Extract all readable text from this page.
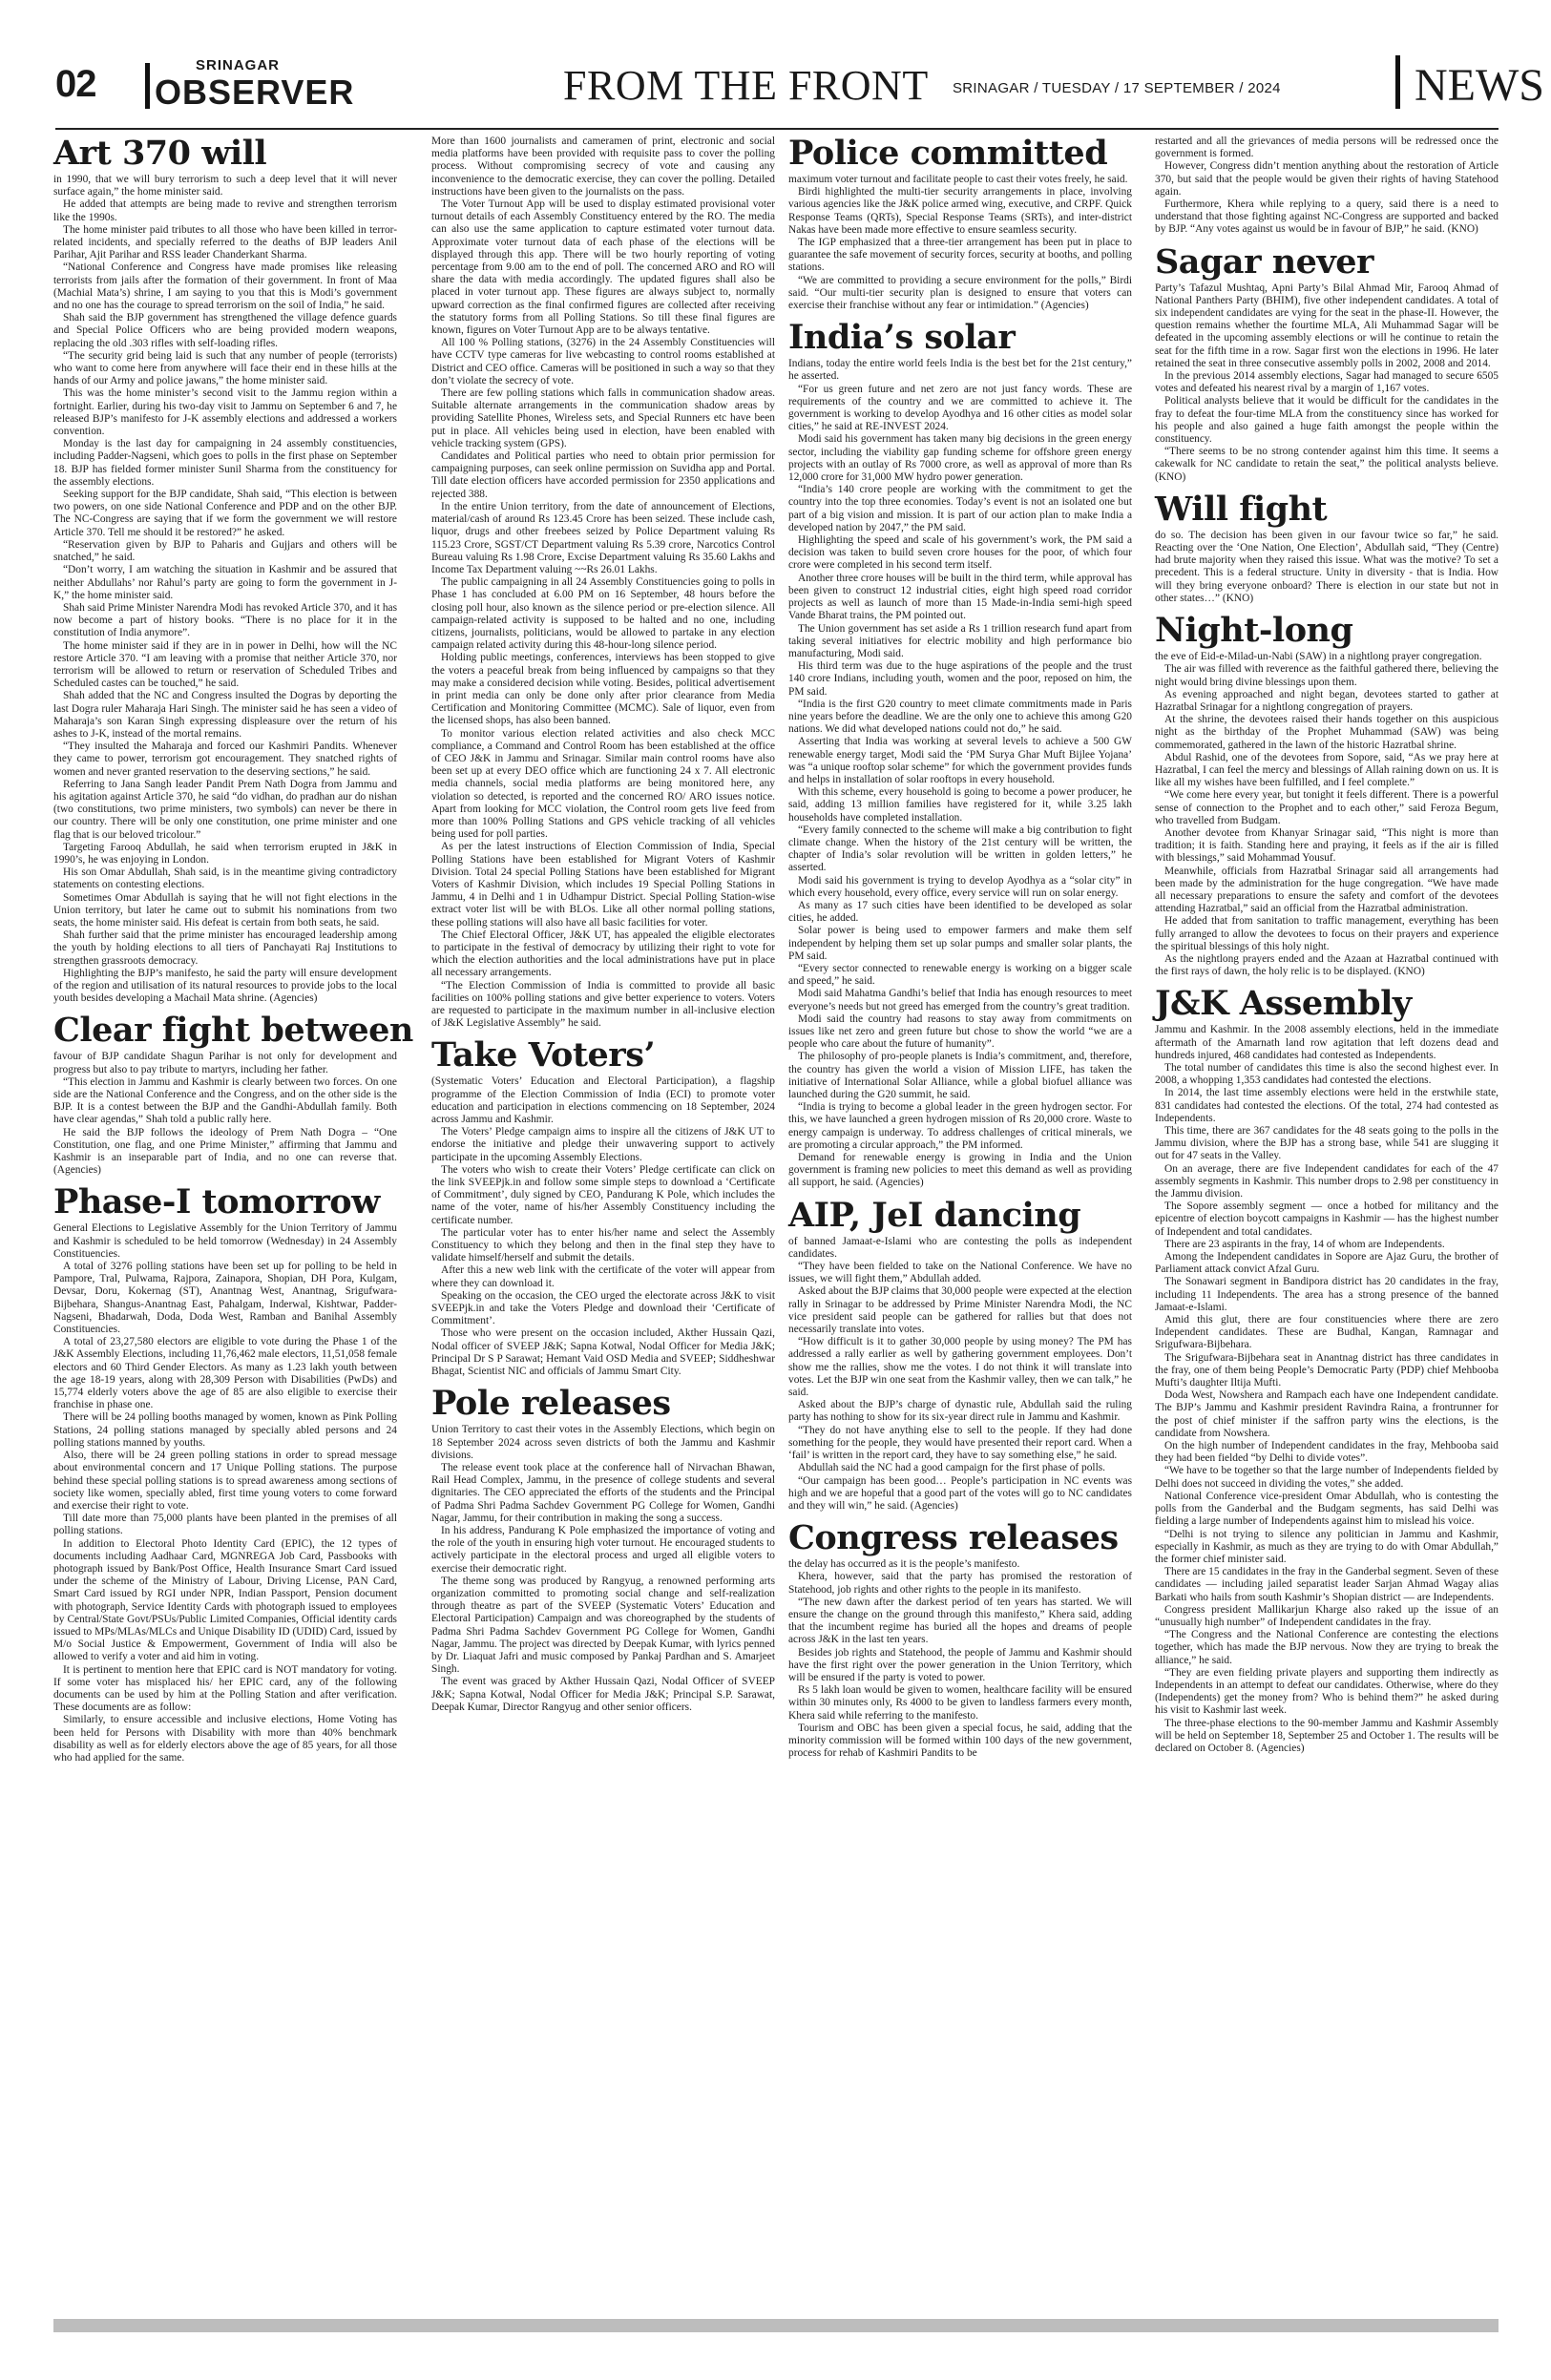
02	SRINAGAR
OBSERVER	FROM THE FRONT SRINAGAR / TUESDAY / 17 SEPTEMBER / 2024	NEWS
Art 370 will

in 1990, that we will bury terrorism to such a deep level that it will never surface again,” the home minister said.

He added that attempts are being made to revive and strengthen terrorism like the 1990s.

The home minister paid tributes to all those who have been killed in terror-related incidents, and specially referred to the deaths of BJP leaders Anil Parihar, Ajit Parihar and RSS leader Chanderkant Sharma.

“National Conference and Congress have made promises like releasing terrorists from jails after the formation of their government. In front of Maa (Machial Mata’s) shrine, I am saying to you that this is Modi’s government and no one has the courage to spread terrorism on the soil of India,” he said.

Shah said the BJP government has strengthened the village defence guards and Special Police Officers who are being provided modern weapons, replacing the old .303 rifles with self-loading rifles.

“The security grid being laid is such that any number of people (terrorists) who want to come here from anywhere will face their end in these hills at the hands of our Army and police jawans,” the home minister said.

This was the home minister’s second visit to the Jammu region within a fortnight. Earlier, during his two-day visit to Jammu on September 6 and 7, he released BJP’s manifesto for J-K assembly elections and addressed a workers convention.

Monday is the last day for campaigning in 24 assembly constituencies, including Padder-Nagseni, which goes to polls in the first phase on September 18. BJP has fielded former minister Sunil Sharma from the constituency for the assembly elections.

Seeking support for the BJP candidate, Shah said, “This election is between two powers, on one side National Conference and PDP and on the other BJP. The NC-Congress are saying that if we form the government we will restore Article 370. Tell me should it be restored?” he asked.

“Reservation given by BJP to Paharis and Gujjars and others will be snatched,” he said.

“Don’t worry, I am watching the situation in Kashmir and be assured that neither Abdullahs’ nor Rahul’s party are going to form the government in J-K,” the home minister said.

Shah said Prime Minister Narendra Modi has revoked Article 370, and it has now become a part of history books. “There is no place for it in the constitution of India anymore”.

The home minister said if they are in in power in Delhi, how will the NC restore Article 370. “I am leaving with a promise that neither Article 370, nor terrorism will be allowed to return or reservation of Scheduled Tribes and Scheduled castes can be touched,” he said.

Shah added that the NC and Congress insulted the Dogras by deporting the last Dogra ruler Maharaja Hari Singh. The minister said he has seen a video of Maharaja’s son Karan Singh expressing displeasure over the return of his ashes to J-K, instead of the mortal remains.

“They insulted the Maharaja and forced our Kashmiri Pandits. Whenever they came to power, terrorism got encouragement. They snatched rights of women and never granted reservation to the deserving sections,” he said.

Referring to Jana Sangh leader Pandit Prem Nath Dogra from Jammu and his agitation against Article 370, he said “do vidhan, do pradhan aur do nishan (two constitutions, two prime ministers, two symbols) can never be there in our country. There will be only one constitution, one prime minister and one flag that is our beloved tricolour.”

Targeting Farooq Abdullah, he said when terrorism erupted in J&K in 1990’s, he was enjoying in London.

His son Omar Abdullah, Shah said, is in the meantime giving contradictory statements on contesting elections.

Sometimes Omar Abdullah is saying that he will not fight elections in the Union territory, but later he came out to submit his nominations from two seats, the home minister said. His defeat is certain from both seats, he said.

Shah further said that the prime minister has encouraged leadership among the youth by holding elections to all tiers of Panchayati Raj Institutions to strengthen grassroots democracy.

Highlighting the BJP’s manifesto, he said the party will ensure development of the region and utilisation of its natural resources to provide jobs to the local youth besides developing a Machail Mata shrine. (Agencies)

Clear fight between

favour of BJP candidate Shagun Parihar is not only for development and progress but also to pay tribute to martyrs, including her father.

“This election in Jammu and Kashmir is clearly between two forces. On one side are the National Conference and the Congress, and on the other side is the BJP. It is a contest between the BJP and the Gandhi-Abdullah family. Both have clear agendas,” Shah told a public rally here.

He said the BJP follows the ideology of Prem Nath Dogra – “One Constitution, one flag, and one Prime Minister,” affirming that Jammu and Kashmir is an inseparable part of India, and no one can reverse that. (Agencies)

Phase-I tomorrow

General Elections to Legislative Assembly for the Union Territory of Jammu and Kashmir is scheduled to be held tomorrow (Wednesday) in 24 Assembly Constituencies.

A total of 3276 polling stations have been set up for polling to be held in Pampore, Tral, Pulwama, Rajpora, Zainapora, Shopian, DH Pora, Kulgam, Devsar, Doru, Kokernag (ST), Anantnag West, Anantnag, Srigufwara-Bijbehara, Shangus-Anantnag East, Pahalgam, Inderwal, Kishtwar, Padder-Nagseni, Bhadarwah, Doda, Doda West, Ramban and Banihal Assembly Constituencies.

A total of 23,27,580 electors are eligible to vote during the Phase 1 of the J&K Assembly Elections, including 11,76,462 male electors, 11,51,058 female electors and 60 Third Gender Electors. As many as 1.23 lakh youth between the age 18-19 years, along with 28,309 Person with Disabilities (PwDs) and 15,774 elderly voters above the age of 85 are also eligible to exercise their franchise in phase one.

There will be 24 polling booths managed by women, known as Pink Polling Stations, 24 polling stations managed by specially abled persons and 24 polling stations manned by youths.

Also, there will be 24 green polling stations in order to spread message about environmental concern and 17 Unique Polling stations. The purpose behind these special polling stations is to spread awareness among sections of society like women, specially abled, first time young voters to come forward and exercise their right to vote.

Till date more than 75,000 plants have been planted in the premises of all polling stations.

In addition to Electoral Photo Identity Card (EPIC), the 12 types of documents including Aadhaar Card, MGNREGA Job Card, Passbooks with photograph issued by Bank/Post Office, Health Insurance Smart Card issued under the scheme of the Ministry of Labour, Driving License, PAN Card, Smart Card issued by RGI under NPR, Indian Passport, Pension document with photograph, Service Identity Cards with photograph issued to employees by Central/State Govt/PSUs/Public Limited Companies, Official identity cards issued to MPs/MLAs/MLCs and Unique Disability ID (UDID) Card, issued by M/o Social Justice & Empowerment, Government of India will also be allowed to verify a voter and aid him in voting.

It is pertinent to mention here that EPIC card is NOT mandatory for voting. If some voter has misplaced his/ her EPIC card, any of the following documents can be used by him at the Polling Station and after verification. These documents are as follow:

Similarly, to ensure accessible and inclusive elections, Home Voting has been held for Persons with Disability with more than 40% benchmark disability as well as for elderly electors above the age of 85 years, for all those who had applied for the same.

More than 1600 journalists and cameramen of print, electronic and social media platforms have been provided with requisite pass to cover the polling process. Without compromising secrecy of vote and causing any inconvenience to the democratic exercise, they can cover the polling. Detailed instructions have been given to the journalists on the pass.

The Voter Turnout App will be used to display estimated provisional voter turnout details of each Assembly Constituency entered by the RO. The media can also use the same application to capture estimated voter turnout data. Approximate voter turnout data of each phase of the elections will be displayed through this app. There will be two hourly reporting of voting percentage from 9.00 am to the end of poll. The concerned ARO and RO will share the data with media accordingly. The updated figures shall also be placed in voter turnout app. These figures are always subject to, normally upward correction as the final confirmed figures are collected after receiving the statutory forms from all Polling Stations. So till these final figures are known, figures on Voter Turnout App are to be always tentative.

All 100 % Polling stations, (3276) in the 24 Assembly Constituencies will have CCTV type cameras for live webcasting to control rooms established at District and CEO office. Cameras will be positioned in such a way so that they don’t violate the secrecy of vote.

There are few polling stations which falls in communication shadow areas. Suitable alternate arrangements in the communication shadow areas by providing Satellite Phones, Wireless sets, and Special Runners etc have been put in place. All vehicles being used in election, have been enabled with vehicle tracking system (GPS).

Candidates and Political parties who need to obtain prior permission for campaigning purposes, can seek online permission on Suvidha app and Portal. Till date election officers have accorded permission for 2350 applications and rejected 388.

In the entire Union territory, from the date of announcement of Elections, material/cash of around Rs 123.45 Crore has been seized. These include cash, liquor, drugs and other freebees seized by Police Department valuing Rs 115.23 Crore, SGST/CT Department valuing Rs 5.39 crore, Narcotics Control Bureau valuing Rs 1.98 Crore, Excise Department valuing Rs 35.60 Lakhs and Income Tax Department valuing ~~Rs 26.01 Lakhs.

The public campaigning in all 24 Assembly Constituencies going to polls in Phase 1 has concluded at 6.00 PM on 16 September, 48 hours before the closing poll hour, also known as the silence period or pre-election silence. All campaign-related activity is supposed to be halted and no one, including citizens, journalists, politicians, would be allowed to partake in any election campaign related activity during this 48-hour-long silence period.

Holding public meetings, conferences, interviews has been stopped to give the voters a peaceful break from being influenced by campaigns so that they may make a considered decision while voting. Besides, political advertisement in print media can only be done only after prior clearance from Media Certification and Monitoring Committee (MCMC). Sale of liquor, even from the licensed shops, has also been banned.

To monitor various election related activities and also check MCC compliance, a Command and Control Room has been established at the office of CEO J&K in Jammu and Srinagar. Similar main control rooms have also been set up at every DEO office which are functioning 24 x 7. All electronic media channels, social media platforms are being monitored here, any violation so detected, is reported and the concerned RO/ ARO issues notice. Apart from looking for MCC violation, the Control room gets live feed from more than 100% Polling Stations and GPS vehicle tracking of all vehicles being used for poll parties.

As per the latest instructions of Election Commission of India, Special Polling Stations have been established for Migrant Voters of Kashmir Division. Total 24 special Polling Stations have been established for Migrant Voters of Kashmir Division, which includes 19 Special Polling Stations in Jammu, 4 in Delhi and 1 in Udhampur District. Special Polling Station-wise extract voter list will be with BLOs. Like all other normal polling stations, these polling stations will also have all basic facilities for voter.

The Chief Electoral Officer, J&K UT, has appealed the eligible electorates to participate in the festival of democracy by utilizing their right to vote for which the election authorities and the local administrations have put in place all necessary arrangements.

“The Election Commission of India is committed to provide all basic facilities on 100% polling stations and give better experience to voters. Voters are requested to participate in the maximum number in all-inclusive election of J&K Legislative Assembly” he said.

Take Voters’

(Systematic Voters’ Education and Electoral Participation), a flagship programme of the Election Commission of India (ECI) to promote voter education and participation in elections commencing on 18 September, 2024 across Jammu and Kashmir.

The Voters’ Pledge campaign aims to inspire all the citizens of J&K UT to endorse the initiative and pledge their unwavering support to actively participate in the upcoming Assembly Elections.

The voters who wish to create their Voters’ Pledge certificate can click on the link SVEEPjk.in and follow some simple steps to download a ‘Certificate of Commitment’, duly signed by CEO, Pandurang K Pole, which includes the name of the voter, name of his/her Assembly Constituency including the certificate number.

The particular voter has to enter his/her name and select the Assembly Constituency to which they belong and then in the final step they have to validate himself/herself and submit the details.

After this a new web link with the certificate of the voter will appear from where they can download it.

Speaking on the occasion, the CEO urged the electorate across J&K to visit SVEEPjk.in and take the Voters Pledge and download their ‘Certificate of Commitment’.

Those who were present on the occasion included, Akther Hussain Qazi, Nodal officer of SVEEP J&K; Sapna Kotwal, Nodal Officer for Media J&K; Principal Dr S P Sarawat; Hemant Vaid OSD Media and SVEEP; Siddheshwar Bhagat, Scientist NIC and officials of Jammu Smart City.

Pole releases

Union Territory to cast their votes in the Assembly Elections, which begin on 18 September 2024 across seven districts of both the Jammu and Kashmir divisions.

The release event took place at the conference hall of Nirvachan Bhawan, Rail Head Complex, Jammu, in the presence of college students and several dignitaries. The CEO appreciated the efforts of the students and the Principal of Padma Shri Padma Sachdev Government PG College for Women, Gandhi Nagar, Jammu, for their contribution in making the song a success.

In his address, Pandurang K Pole emphasized the importance of voting and the role of the youth in ensuring high voter turnout. He encouraged students to actively participate in the electoral process and urged all eligible voters to exercise their democratic right.

The theme song was produced by Rangyug, a renowned performing arts organization committed to promoting social change and self-realization through theatre as part of the SVEEP (Systematic Voters’ Education and Electoral Participation) Campaign and was choreographed by the students of Padma Shri Padma Sachdev Government PG College for Women, Gandhi Nagar, Jammu. The project was directed by Deepak Kumar, with lyrics penned by Dr. Liaquat Jafri and music composed by Pankaj Pardhan and S. Amarjeet Singh.

The event was graced by Akther Hussain Qazi, Nodal Officer of SVEEP J&K; Sapna Kotwal, Nodal Officer for Media J&K; Principal S.P. Sarawat, Deepak Kumar, Director Rangyug and other senior officers.

Police committed

maximum voter turnout and facilitate people to cast their votes freely, he said.

Birdi highlighted the multi-tier security arrangements in place, involving various agencies like the J&K police armed wing, executive, and CRPF. Quick Response Teams (QRTs), Special Response Teams (SRTs), and inter-district Nakas have been made more effective to ensure seamless security.

The IGP emphasized that a three-tier arrangement has been put in place to guarantee the safe movement of security forces, security at booths, and polling stations.

“We are committed to providing a secure environment for the polls,” Birdi said. “Our multi-tier security plan is designed to ensure that voters can exercise their franchise without any fear or intimidation.” (Agencies)

India’s solar

Indians, today the entire world feels India is the best bet for the 21st century,” he asserted.

“For us green future and net zero are not just fancy words. These are requirements of the country and we are committed to achieve it. The government is working to develop Ayodhya and 16 other cities as model solar cities,” he said at RE-INVEST 2024.

Modi said his government has taken many big decisions in the green energy sector, including the viability gap funding scheme for offshore green energy projects with an outlay of Rs 7000 crore, as well as approval of more than Rs 12,000 crore for 31,000 MW hydro power generation.

“India’s 140 crore people are working with the commitment to get the country into the top three economies. Today’s event is not an isolated one but part of a big vision and mission. It is part of our action plan to make India a developed nation by 2047,” the PM said.

Highlighting the speed and scale of his government’s work, the PM said a decision was taken to build seven crore houses for the poor, of which four crore were completed in his second term itself.

Another three crore houses will be built in the third term, while approval has been given to construct 12 industrial cities, eight high speed road corridor projects as well as launch of more than 15 Made-in-India semi-high speed Vande Bharat trains, the PM pointed out.

The Union government has set aside a Rs 1 trillion research fund apart from taking several initiatives for electric mobility and high performance bio manufacturing, Modi said.

His third term was due to the huge aspirations of the people and the trust 140 crore Indians, including youth, women and the poor, reposed on him, the PM said.

“India is the first G20 country to meet climate commitments made in Paris nine years before the deadline. We are the only one to achieve this among G20 nations. We did what developed nations could not do,” he said.

Asserting that India was working at several levels to achieve a 500 GW renewable energy target, Modi said the ‘PM Surya Ghar Muft Bijlee Yojana’ was “a unique rooftop solar scheme” for which the government provides funds and helps in installation of solar rooftops in every household.

With this scheme, every household is going to become a power producer, he said, adding 13 million families have registered for it, while 3.25 lakh households have completed installation.

“Every family connected to the scheme will make a big contribution to fight climate change. When the history of the 21st century will be written, the chapter of India’s solar revolution will be written in golden letters,” he asserted.

Modi said his government is trying to develop Ayodhya as a “solar city” in which every household, every office, every service will run on solar energy.

As many as 17 such cities have been identified to be developed as solar cities, he added.

Solar power is being used to empower farmers and make them self independent by helping them set up solar pumps and smaller solar plants, the PM said.

“Every sector connected to renewable energy is working on a bigger scale and speed,” he said.

Modi said Mahatma Gandhi’s belief that India has enough resources to meet everyone’s needs but not greed has emerged from the country’s great tradition.

Modi said the country had reasons to stay away from commitments on issues like net zero and green future but chose to show the world “we are a people who care about the future of humanity”.

The philosophy of pro-people planets is India’s commitment, and, therefore, the country has given the world a vision of Mission LIFE, has taken the initiative of International Solar Alliance, while a global biofuel alliance was launched during the G20 summit, he said.

“India is trying to become a global leader in the green hydrogen sector. For this, we have launched a green hydrogen mission of Rs 20,000 crore. Waste to energy campaign is underway. To address challenges of critical minerals, we are promoting a circular approach,” the PM informed.

Demand for renewable energy is growing in India and the Union government is framing new policies to meet this demand as well as providing all support, he said. (Agencies)

AIP, JeI dancing

of banned Jamaat-e-Islami who are contesting the polls as independent candidates.

“They have been fielded to take on the National Conference. We have no issues, we will fight them,” Abdullah added.

Asked about the BJP claims that 30,000 people were expected at the election rally in Srinagar to be addressed by Prime Minister Narendra Modi, the NC vice president said people can be gathered for rallies but that does not necessarily translate into votes.

“How difficult is it to gather 30,000 people by using money? The PM has addressed a rally earlier as well by gathering government employees. Don’t show me the rallies, show me the votes. I do not think it will translate into votes. Let the BJP win one seat from the Kashmir valley, then we can talk,” he said.

Asked about the BJP’s charge of dynastic rule, Abdullah said the ruling party has nothing to show for its six-year direct rule in Jammu and Kashmir.

“They do not have anything else to sell to the people. If they had done something for the people, they would have presented their report card. When a ‘fail’ is written in the report card, they have to say something else,” he said.

Abdullah said the NC had a good campaign for the first phase of polls.

“Our campaign has been good… People’s participation in NC events was high and we are hopeful that a good part of the votes will go to NC candidates and they will win,” he said. (Agencies)

Congress releases

the delay has occurred as it is the people’s manifesto.

Khera, however, said that the party has promised the restoration of Statehood, job rights and other rights to the people in its manifesto.

“The new dawn after the darkest period of ten years has started. We will ensure the change on the ground through this manifesto,” Khera said, adding that the incumbent regime has buried all the hopes and dreams of people across J&K in the last ten years.

Besides job rights and Statehood, the people of Jammu and Kashmir should have the first right over the power generation in the Union Territory, which will be ensured if the party is voted to power.

Rs 5 lakh loan would be given to women, healthcare facility will be ensured within 30 minutes only, Rs 4000 to be given to landless farmers every month, Khera said while referring to the manifesto.

Tourism and OBC has been given a special focus, he said, adding that the minority commission will be formed within 100 days of the new government, process for rehab of Kashmiri Pandits to be

restarted and all the grievances of media persons will be redressed once the government is formed.

However, Congress didn’t mention anything about the restoration of Article 370, but said that the people would be given their rights of having Statehood again.

Furthermore, Khera while replying to a query, said there is a need to understand that those fighting against NC-Congress are supported and backed by BJP. “Any votes against us would be in favour of BJP,” he said. (KNO)

Sagar never

Party’s Tafazul Mushtaq, Apni Party’s Bilal Ahmad Mir, Farooq Ahmad of National Panthers Party (BHIM), five other independent candidates. A total of six independent candidates are vying for the seat in the phase-II. However, the question remains whether the fourtime MLA, Ali Muhammad Sagar will be defeated in the upcoming assembly elections or will he continue to retain the seat for the fifth time in a row. Sagar first won the elections in 1996. He later retained the seat in three consecutive assembly polls in 2002, 2008 and 2014.

In the previous 2014 assembly elections, Sagar had managed to secure 6505 votes and defeated his nearest rival by a margin of 1,167 votes.

Political analysts believe that it would be difficult for the candidates in the fray to defeat the four-time MLA from the constituency since has worked for his people and also gained a huge faith amongst the people within the constituency.

“There seems to be no strong contender against him this time. It seems a cakewalk for NC candidate to retain the seat,” the political analysts believe. (KNO)

Will fight

do so. The decision has been given in our favour twice so far,” he said. Reacting over the ‘One Nation, One Election’, Abdullah said, “They (Centre) had brute majority when they raised this issue. What was the motive? To set a precedent. This is a federal structure. Unity in diversity - that is India. How will they bring everyone onboard? There is election in our state but not in other states…” (KNO)

Night-long

the eve of Eid-e-Milad-un-Nabi (SAW) in a nightlong prayer congregation.

The air was filled with reverence as the faithful gathered there, believing the night would bring divine blessings upon them.

As evening approached and night began, devotees started to gather at Hazratbal Srinagar for a nightlong congregation of prayers.

At the shrine, the devotees raised their hands together on this auspicious night as the birthday of the Prophet Muhammad (SAW) was being commemorated, gathered in the lawn of the historic Hazratbal shrine.

Abdul Rashid, one of the devotees from Sopore, said, “As we pray here at Hazratbal, I can feel the mercy and blessings of Allah raining down on us. It is like all my wishes have been fulfilled, and I feel complete.”

“We come here every year, but tonight it feels different. There is a powerful sense of connection to the Prophet and to each other,” said Feroza Begum, who travelled from Budgam.

Another devotee from Khanyar Srinagar said, “This night is more than tradition; it is faith. Standing here and praying, it feels as if the air is filled with blessings,” said Mohammad Yousuf.

Meanwhile, officials from Hazratbal Srinagar said all arrangements had been made by the administration for the huge congregation. “We have made all necessary preparations to ensure the safety and comfort of the devotees attending Hazratbal,” said an official from the Hazratbal administration.

He added that from sanitation to traffic management, everything has been fully arranged to allow the devotees to focus on their prayers and experience the spiritual blessings of this holy night.

As the nightlong prayers ended and the Azaan at Hazratbal continued with the first rays of dawn, the holy relic is to be displayed. (KNO)

J&K Assembly

Jammu and Kashmir. In the 2008 assembly elections, held in the immediate aftermath of the Amarnath land row agitation that left dozens dead and hundreds injured, 468 candidates had contested as Independents.

The total number of candidates this time is also the second highest ever. In 2008, a whopping 1,353 candidates had contested the elections.

In 2014, the last time assembly elections were held in the erstwhile state, 831 candidates had contested the elections. Of the total, 274 had contested as Independents.

This time, there are 367 candidates for the 48 seats going to the polls in the Jammu division, where the BJP has a strong base, while 541 are slugging it out for 47 seats in the Valley.

On an average, there are five Independent candidates for each of the 47 assembly segments in Kashmir. This number drops to 2.98 per constituency in the Jammu division.

The Sopore assembly segment — once a hotbed for militancy and the epicentre of election boycott campaigns in Kashmir — has the highest number of Independent and total candidates.

There are 23 aspirants in the fray, 14 of whom are Independents.

Among the Independent candidates in Sopore are Ajaz Guru, the brother of Parliament attack convict Afzal Guru.

The Sonawari segment in Bandipora district has 20 candidates in the fray, including 11 Independents. The area has a strong presence of the banned Jamaat-e-Islami.

Amid this glut, there are four constituencies where there are zero Independent candidates. These are Budhal, Kangan, Ramnagar and Srigufwara-Bijbehara.

The Srigufwara-Bijbehara seat in Anantnag district has three candidates in the fray, one of them being People’s Democratic Party (PDP) chief Mehbooba Mufti’s daughter Iltija Mufti.

Doda West, Nowshera and Rampach each have one Independent candidate. The BJP’s Jammu and Kashmir president Ravindra Raina, a frontrunner for the post of chief minister if the saffron party wins the elections, is the candidate from Nowshera.

On the high number of Independent candidates in the fray, Mehbooba said they had been fielded “by Delhi to divide votes”.

“We have to be together so that the large number of Independents fielded by Delhi does not succeed in dividing the votes,” she added.

National Conference vice-president Omar Abdullah, who is contesting the polls from the Ganderbal and the Budgam segments, has said Delhi was fielding a large number of Independents against him to mislead his voice.

“Delhi is not trying to silence any politician in Jammu and Kashmir, especially in Kashmir, as much as they are trying to do with Omar Abdullah,” the former chief minister said.

There are 15 candidates in the fray in the Ganderbal segment. Seven of these candidates — including jailed separatist leader Sarjan Ahmad Wagay alias Barkati who hails from south Kashmir’s Shopian district — are Independents.

Congress president Mallikarjun Kharge also raked up the issue of an “unusually high number” of Independent candidates in the fray.

“The Congress and the National Conference are contesting the elections together, which has made the BJP nervous. Now they are trying to break the alliance,” he said.

“They are even fielding private players and supporting them indirectly as Independents in an attempt to defeat our candidates. Otherwise, where do they (Independents) get the money from? Who is behind them?” he asked during his visit to Kashmir last week.

The three-phase elections to the 90-member Jammu and Kashmir Assembly will be held on September 18, September 25 and October 1. The results will be declared on October 8. (Agencies)
